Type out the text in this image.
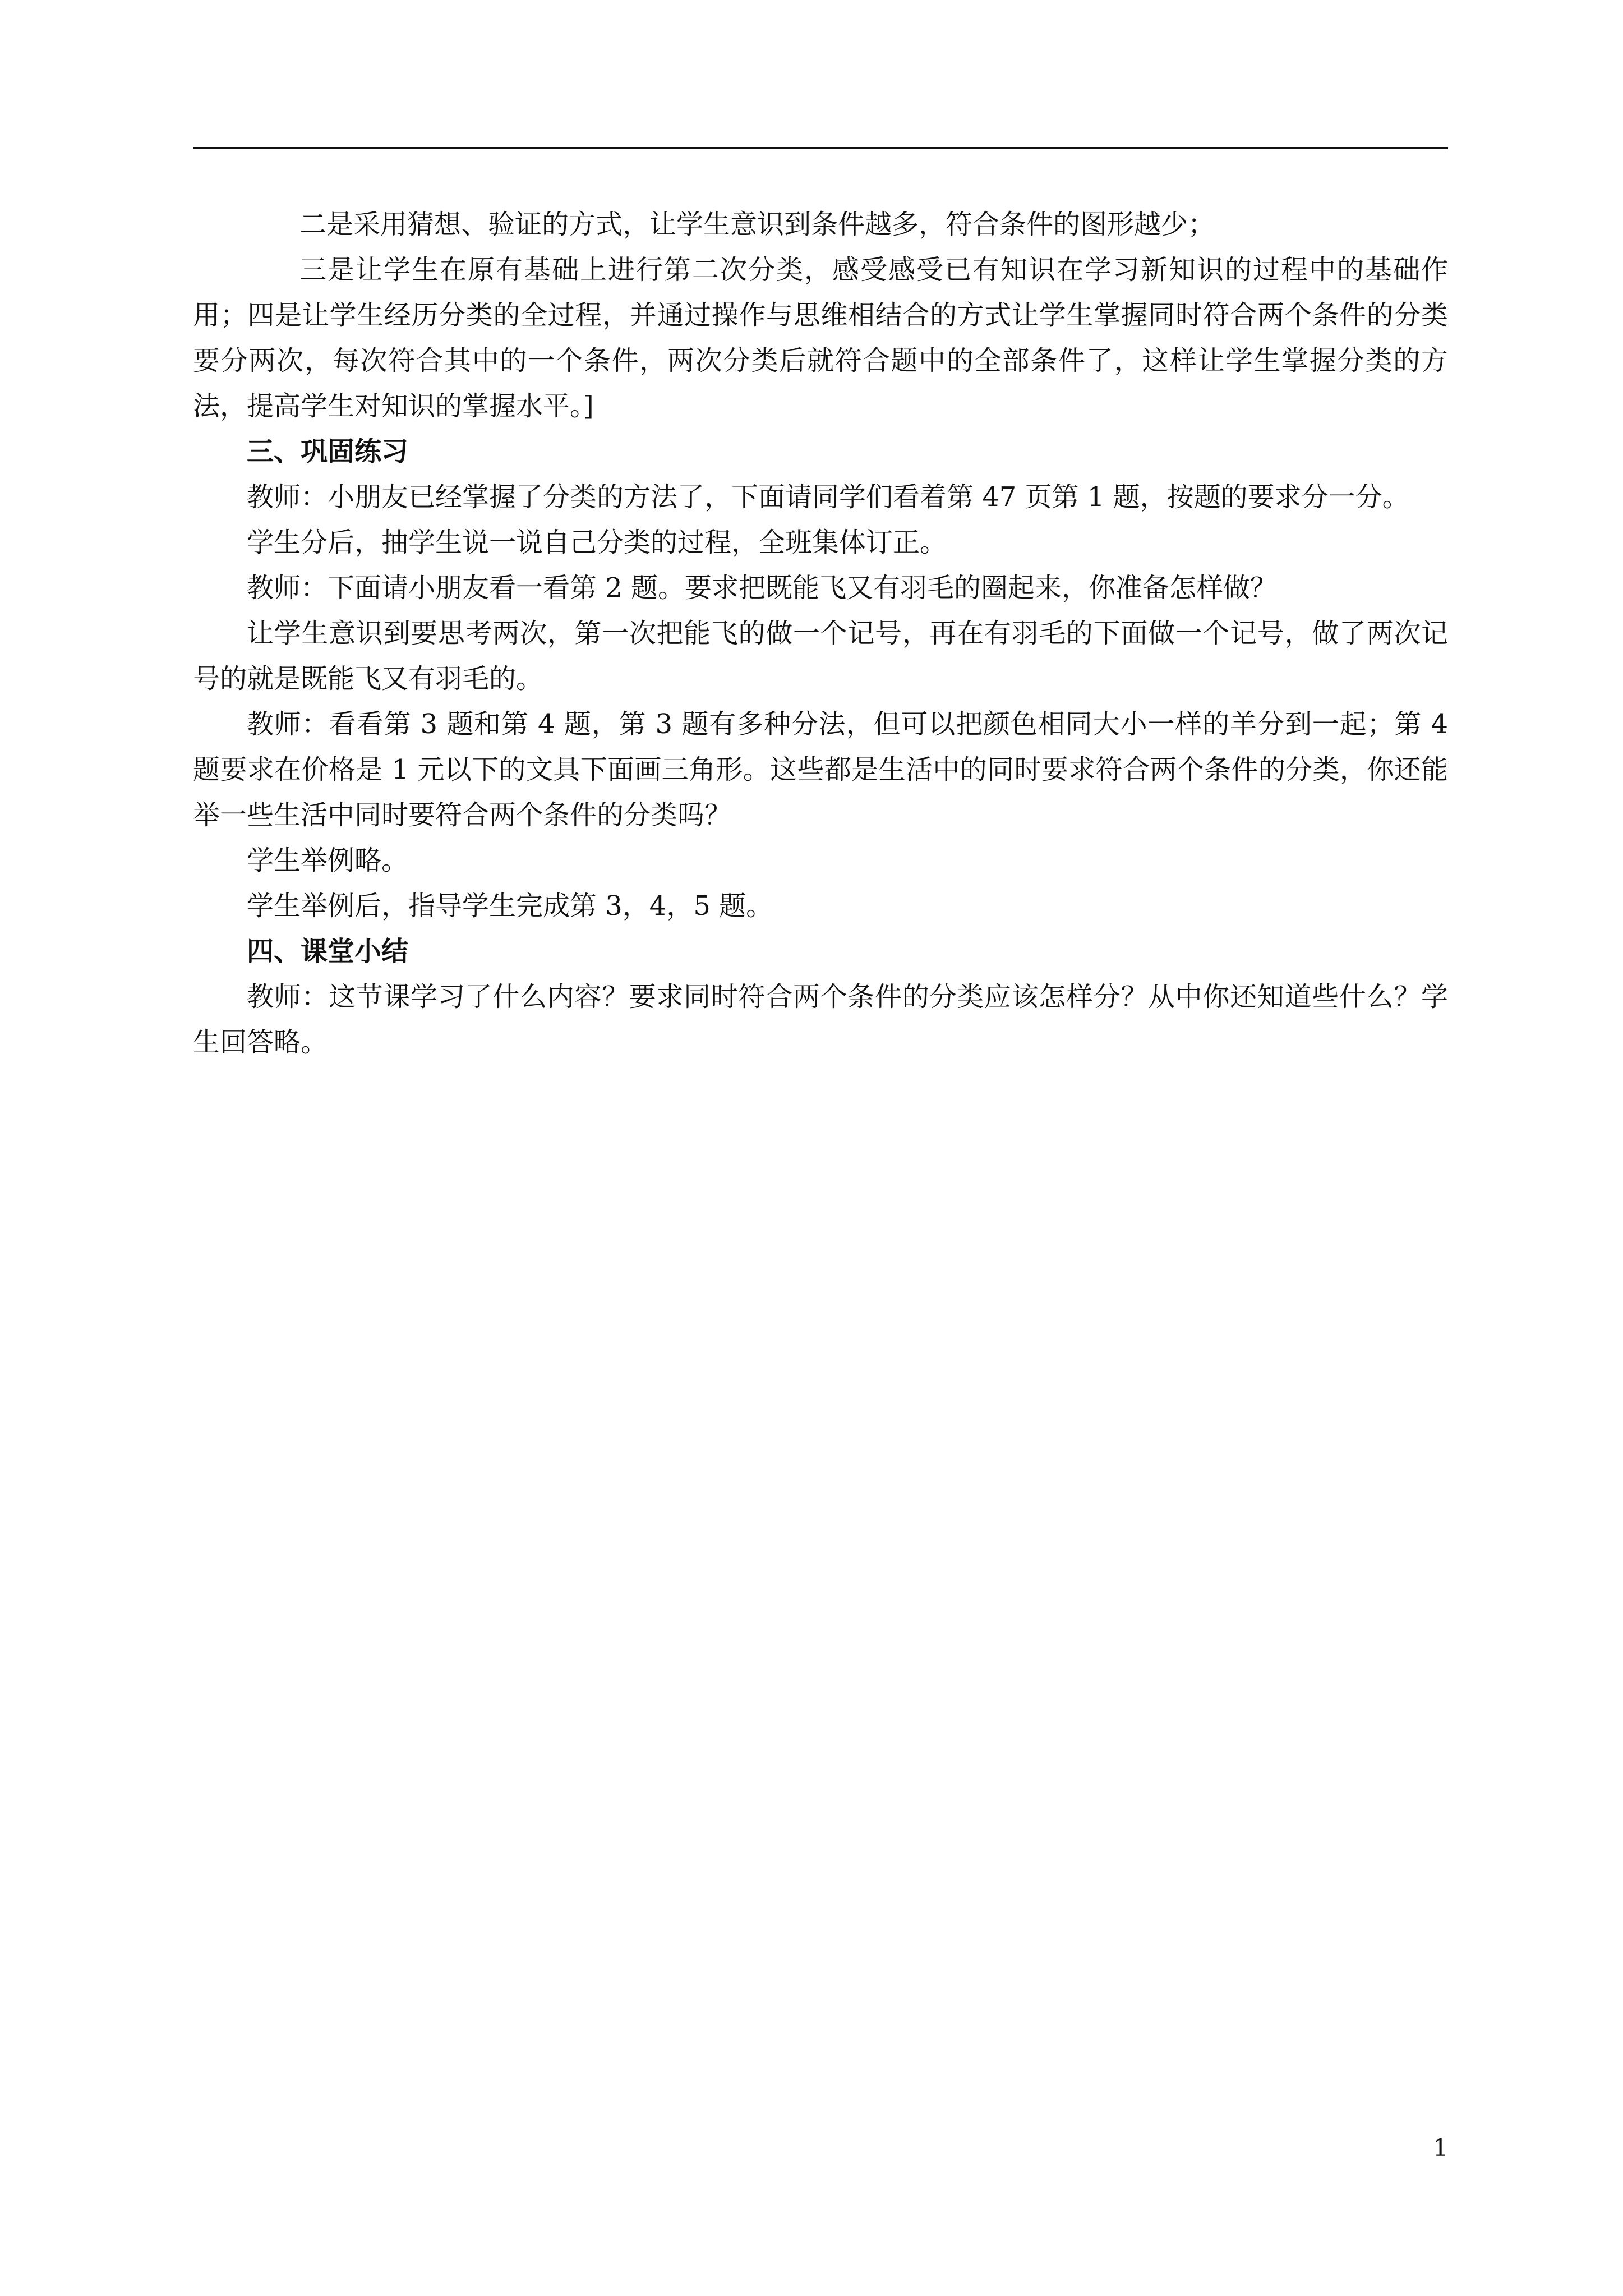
二是采用猜想、验证的方式，让学生意识到条件越多，符合条件的图形越少；

三是让学生在原有基础上进行第二次分类，感受感受已有知识在学习新知识的过程中的基础作用；四是让学生经历分类的全过程，并通过操作与思维相结合的方式让学生掌握同时符合两个条件的分类要分两次，每次符合其中的一个条件，两次分类后就符合题中的全部条件了，这样让学生掌握分类的方法，提高学生对知识的掌握水平。]

三、巩固练习

教师：小朋友已经掌握了分类的方法了，下面请同学们看着第 47 页第 1 题，按题的要求分一分。

学生分后，抽学生说一说自己分类的过程，全班集体订正。

教师：下面请小朋友看一看第 2 题。要求把既能飞又有羽毛的圈起来，你准备怎样做？

让学生意识到要思考两次，第一次把能飞的做一个记号，再在有羽毛的下面做一个记号，做了两次记号的就是既能飞又有羽毛的。

教师：看看第 3 题和第 4 题，第 3 题有多种分法，但可以把颜色相同大小一样的羊分到一起；第 4 题要求在价格是 1 元以下的文具下面画三角形。这些都是生活中的同时要求符合两个条件的分类，你还能举一些生活中同时要符合两个条件的分类吗？

学生举例略。

学生举例后，指导学生完成第 3，4，5 题。

四、课堂小结

教师：这节课学习了什么内容？要求同时符合两个条件的分类应该怎样分？从中你还知道些什么？学生回答略。

1
